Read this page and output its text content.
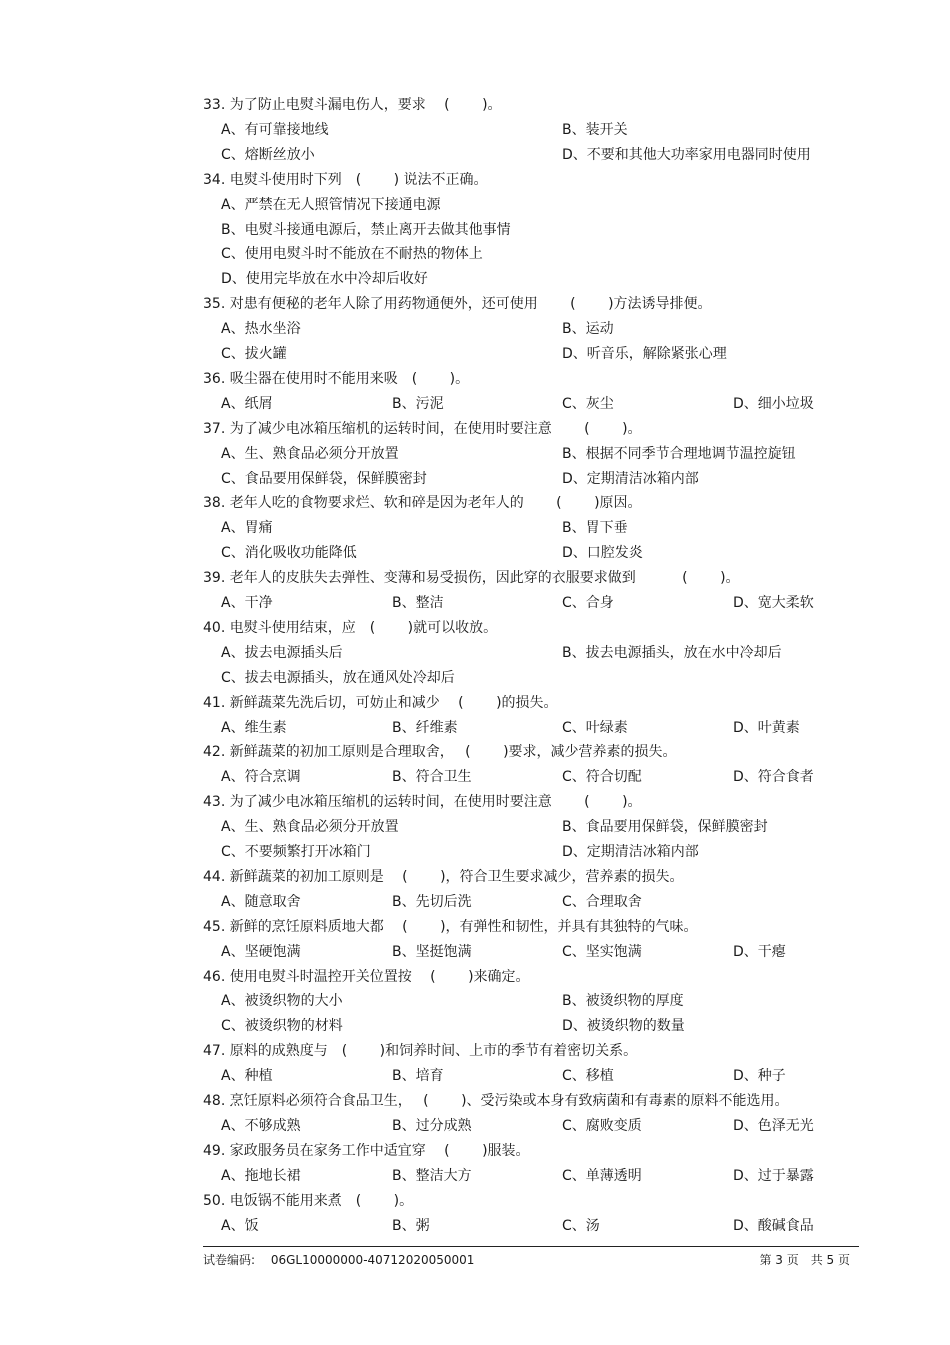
33. 为了防止电熨斗漏电伤人，要求　 (　　 )。
A、有可靠接地线	B、装开关
C、熔断丝放小	D、不要和其他大功率家用电器同时使用
34. 电熨斗使用时下列　(　　 ) 说法不正确。
A、严禁在无人照管情况下接通电源
B、电熨斗接通电源后，禁止离开去做其他事情
C、使用电熨斗时不能放在不耐热的物体上
D、使用完毕放在水中冷却后收好
35. 对患有便秘的老年人除了用药物通便外，还可使用　　 (　　 )方法诱导排便。
A、热水坐浴	B、运动
C、拔火罐	D、听音乐，解除紧张心理
36. 吸尘器在使用时不能用来吸　(　　 )。
A、纸屑	B、污泥	C、灰尘	D、细小垃圾
37. 为了减少电冰箱压缩机的运转时间，在使用时要注意　　 (　　 )。
A、生、熟食品必须分开放置	B、根据不同季节合理地调节温控旋钮
C、食品要用保鲜袋，保鲜膜密封	D、定期清洁冰箱内部
38. 老年人吃的食物要求烂、软和碎是因为老年人的　　 (　　 )原因。
A、胃痛	B、胃下垂
C、消化吸收功能降低	D、口腔发炎
39. 老年人的皮肤失去弹性、变薄和易受损伤，因此穿的衣服要求做到　　　 (　　 )。
A、干净	B、整洁	C、合身	D、宽大柔软
40. 电熨斗使用结束，应　(　　 )就可以收放。
A、拔去电源插头后	B、拔去电源插头，放在水中冷却后
C、拔去电源插头，放在通风处冷却后
41. 新鲜蔬菜先洗后切，可妨止和减少　 (　　 )的损失。
A、维生素	B、纤维素	C、叶绿素	D、叶黄素
42. 新鲜蔬菜的初加工原则是合理取舍，　 (　　 )要求，减少营养素的损失。
A、符合烹调	B、符合卫生	C、符合切配	D、符合食者
43. 为了减少电冰箱压缩机的运转时间，在使用时要注意　　 (　　 )。
A、生、熟食品必须分开放置	B、食品要用保鲜袋，保鲜膜密封
C、不要频繁打开冰箱门	D、定期清洁冰箱内部
44. 新鲜蔬菜的初加工原则是　 (　　 )，符合卫生要求减少，营养素的损失。
A、随意取舍	B、先切后洗	C、合理取舍
45. 新鲜的烹饪原料质地大都　 (　　 )，有弹性和韧性，并具有其独特的气味。
A、坚硬饱满	B、坚挺饱满	C、坚实饱满	D、干瘪
46. 使用电熨斗时温控开关位置按　 (　　 )来确定。
A、被烫织物的大小	B、被烫织物的厚度
C、被烫织物的材料	D、被烫织物的数量
47. 原料的成熟度与　(　　 )和饲养时间、上市的季节有着密切关系。
A、种植	B、培育	C、移植	D、种子
48. 烹饪原料必须符合食品卫生，　 (　　 )、受污染或本身有致病菌和有毒素的原料不能选用。
A、不够成熟	B、过分成熟	C、腐败变质	D、色泽无光
49. 家政服务员在家务工作中适宜穿　 (　　 )服装。
A、拖地长裙	B、整洁大方	C、单薄透明	D、过于暴露
50. 电饭锅不能用来煮　(　　 )。
A、饭	B、粥	C、汤	D、酸碱食品
试卷编码:　 06GL10000000-40712020050001	第 3 页　共 5 页
